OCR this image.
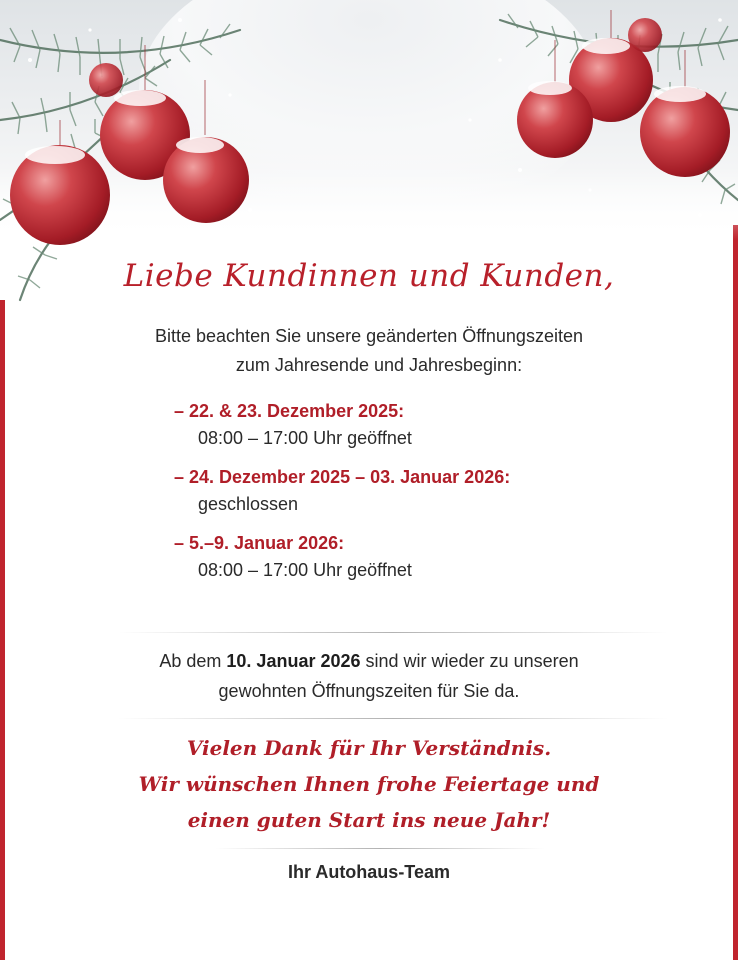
Liebe Kundinnen und Kunden,
Bitte beachten Sie unsere geänderten Öffnungszeiten
zum Jahresende und Jahresbeginn:
– 22. & 23. Dezember 2025:
08:00 – 17:00 Uhr geöffnet
– 24. Dezember 2025 – 03. Januar 2026:
geschlossen
– 5.–9. Januar 2026:
08:00 – 17:00 Uhr geöffnet
Ab dem 10. Januar 2026 sind wir wieder zu unseren
gewohnten Öffnungszeiten für Sie da.
Vielen Dank für Ihr Verständnis.
Wir wünschen Ihnen frohe Feiertage und
einen guten Start ins neue Jahr!
Ihr Autohaus-Team
